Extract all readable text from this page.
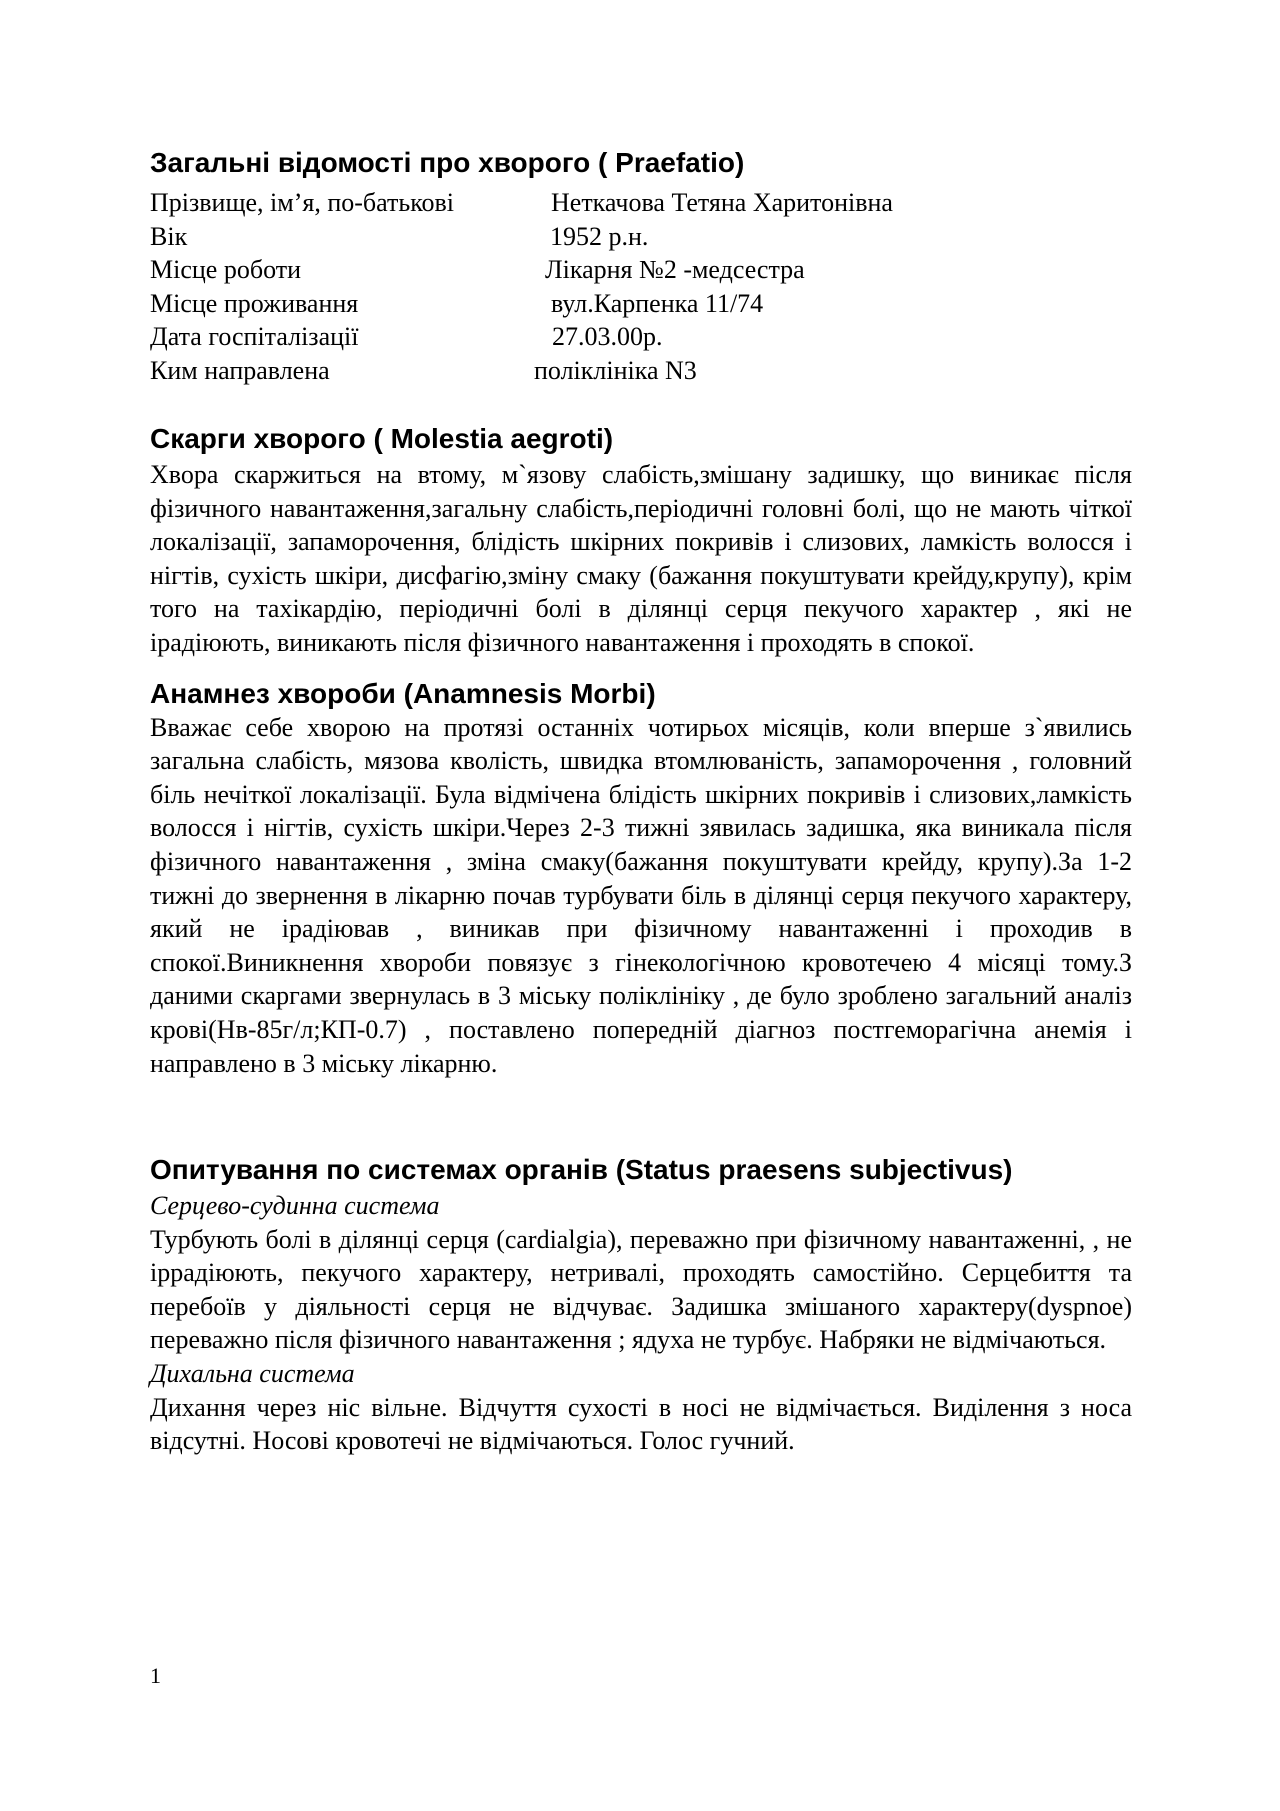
Загальні відомості про хворого ( Praefatio)
Прізвище, ім’я, по-батькові	Неткачова Тетяна Харитонівна
Вік	1952 р.н.
Місце роботи	Лікарня №2 -медсестра
Місце проживання	вул.Карпенка 11/74
Дата госпіталізації	27.03.00р.
Ким направлена	поліклініка N3
Скарги хворого ( Molestia aegroti)

Хвора скаржиться на втому, м`язову слабість,змішану задишку, що виникає після фізичного навантаження,загальну слабість,періодичні головні болі, що не мають чіткої локалізації, запаморочення, блідість шкірних покривів і слизових, ламкість волосся і нігтів, сухість шкіри, дисфагію,зміну смаку (бажання покуштувати крейду,крупу), крім того на тахікардію, періодичні болі в ділянці серця пекучого характер , які не ірадіюють, виникають після фізичного навантаження і проходять в спокої.

Анамнез хвороби (Anamnesis Morbi)

Вважає себе хворою на протязі останніх чотирьох місяців, коли вперше з`явились загальна слабість, мязова кволість, швидка втомлюваність, запаморочення , головний біль нечіткої локалізації. Була відмічена блідість шкірних покривів і слизових,ламкість волосся і нігтів, сухість шкіри.Через 2-3 тижні зявилась задишка, яка виникала після фізичного навантаження , зміна смаку(бажання покуштувати крейду, крупу).За 1-2 тижні до звернення в лікарню почав турбувати біль в ділянці серця пекучого характеру, який не ірадіював , виникав при фізичному навантаженні і проходив в спокої.Виникнення хвороби повязує з гінекологічною кровотечею 4 місяці тому.З даними скаргами звернулась в 3 міську поліклініку , де було зроблено загальний аналіз крові(Нв-85г/л;КП-0.7) , поставлено попередній діагноз постгеморагічна анемія і направлено в 3 міську лікарню.

Опитування по системах органів (Status praesens subjectivus)

Серцево-судинна система

Турбують болі в ділянці серця (cardialgia), переважно при фізичному навантаженні, , не іррадіюють, пекучого характеру, нетривалі, проходять самостійно. Серцебиття та перебоїв у діяльності серця не відчуває. Задишка змішаного характеру(dyspnoe) переважно після фізичного навантаження ; ядуха не турбує. Набряки не відмічаються.

Дихальна система

Дихання через ніс вільне. Відчуття сухості в носі не відмічається. Виділення з носа відсутні. Носові кровотечі не відмічаються. Голос гучний.

1
